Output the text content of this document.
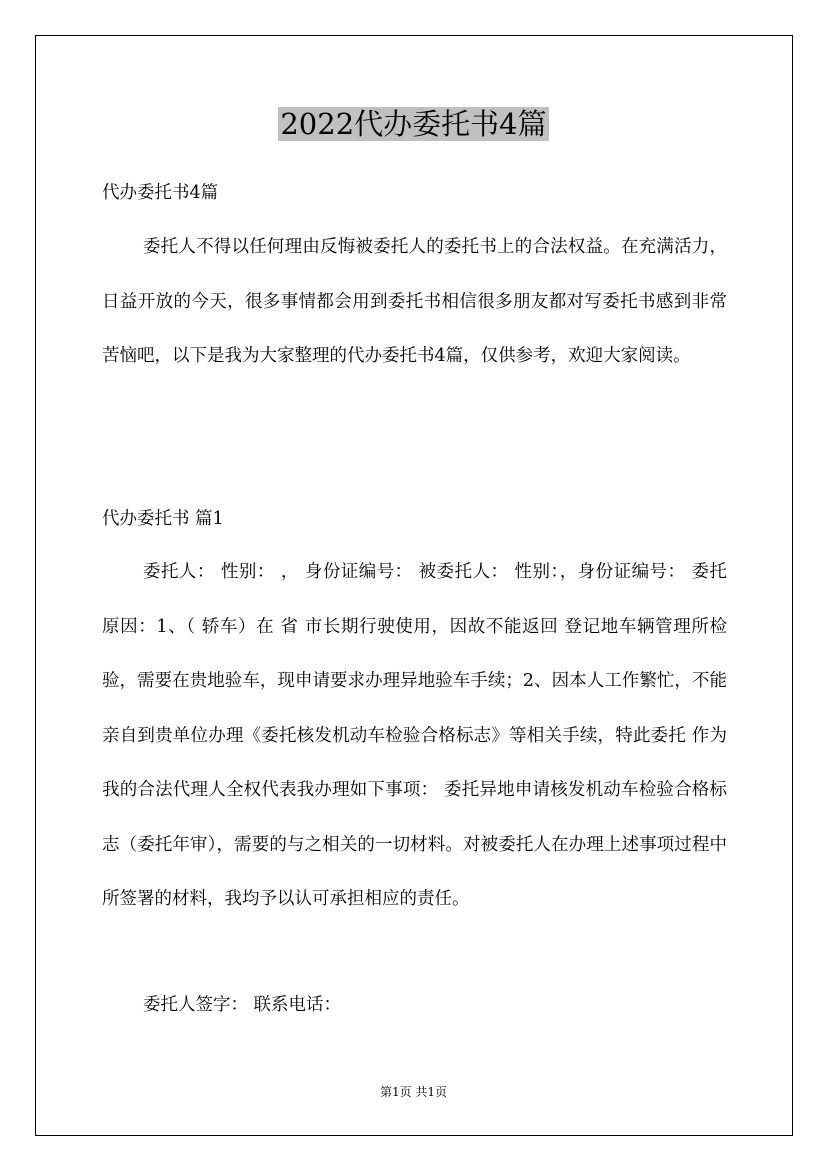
2022代办委托书4篇
代办委托书4篇
委托人不得以任何理由反悔被委托人的委托书上的合法权益。在充满活力，日益开放的今天，很多事情都会用到委托书相信很多朋友都对写委托书感到非常苦恼吧，以下是我为大家整理的代办委托书4篇，仅供参考，欢迎大家阅读。
代办委托书 篇1
委托人： 性别： ， 身份证编号： 被委托人： 性别：，身份证编号： 委托原因：1、（ 轿车）在 省 市长期行驶使用，因故不能返回 登记地车辆管理所检验，需要在贵地验车，现申请要求办理异地验车手续；2、因本人工作繁忙，不能亲自到贵单位办理《委托核发机动车检验合格标志》等相关手续，特此委托 作为我的合法代理人全权代表我办理如下事项： 委托异地申请核发机动车检验合格标志（委托年审），需要的与之相关的一切材料。对被委托人在办理上述事项过程中所签署的材料，我均予以认可承担相应的责任。
委托人签字： 联系电话：
第1页 共1页
